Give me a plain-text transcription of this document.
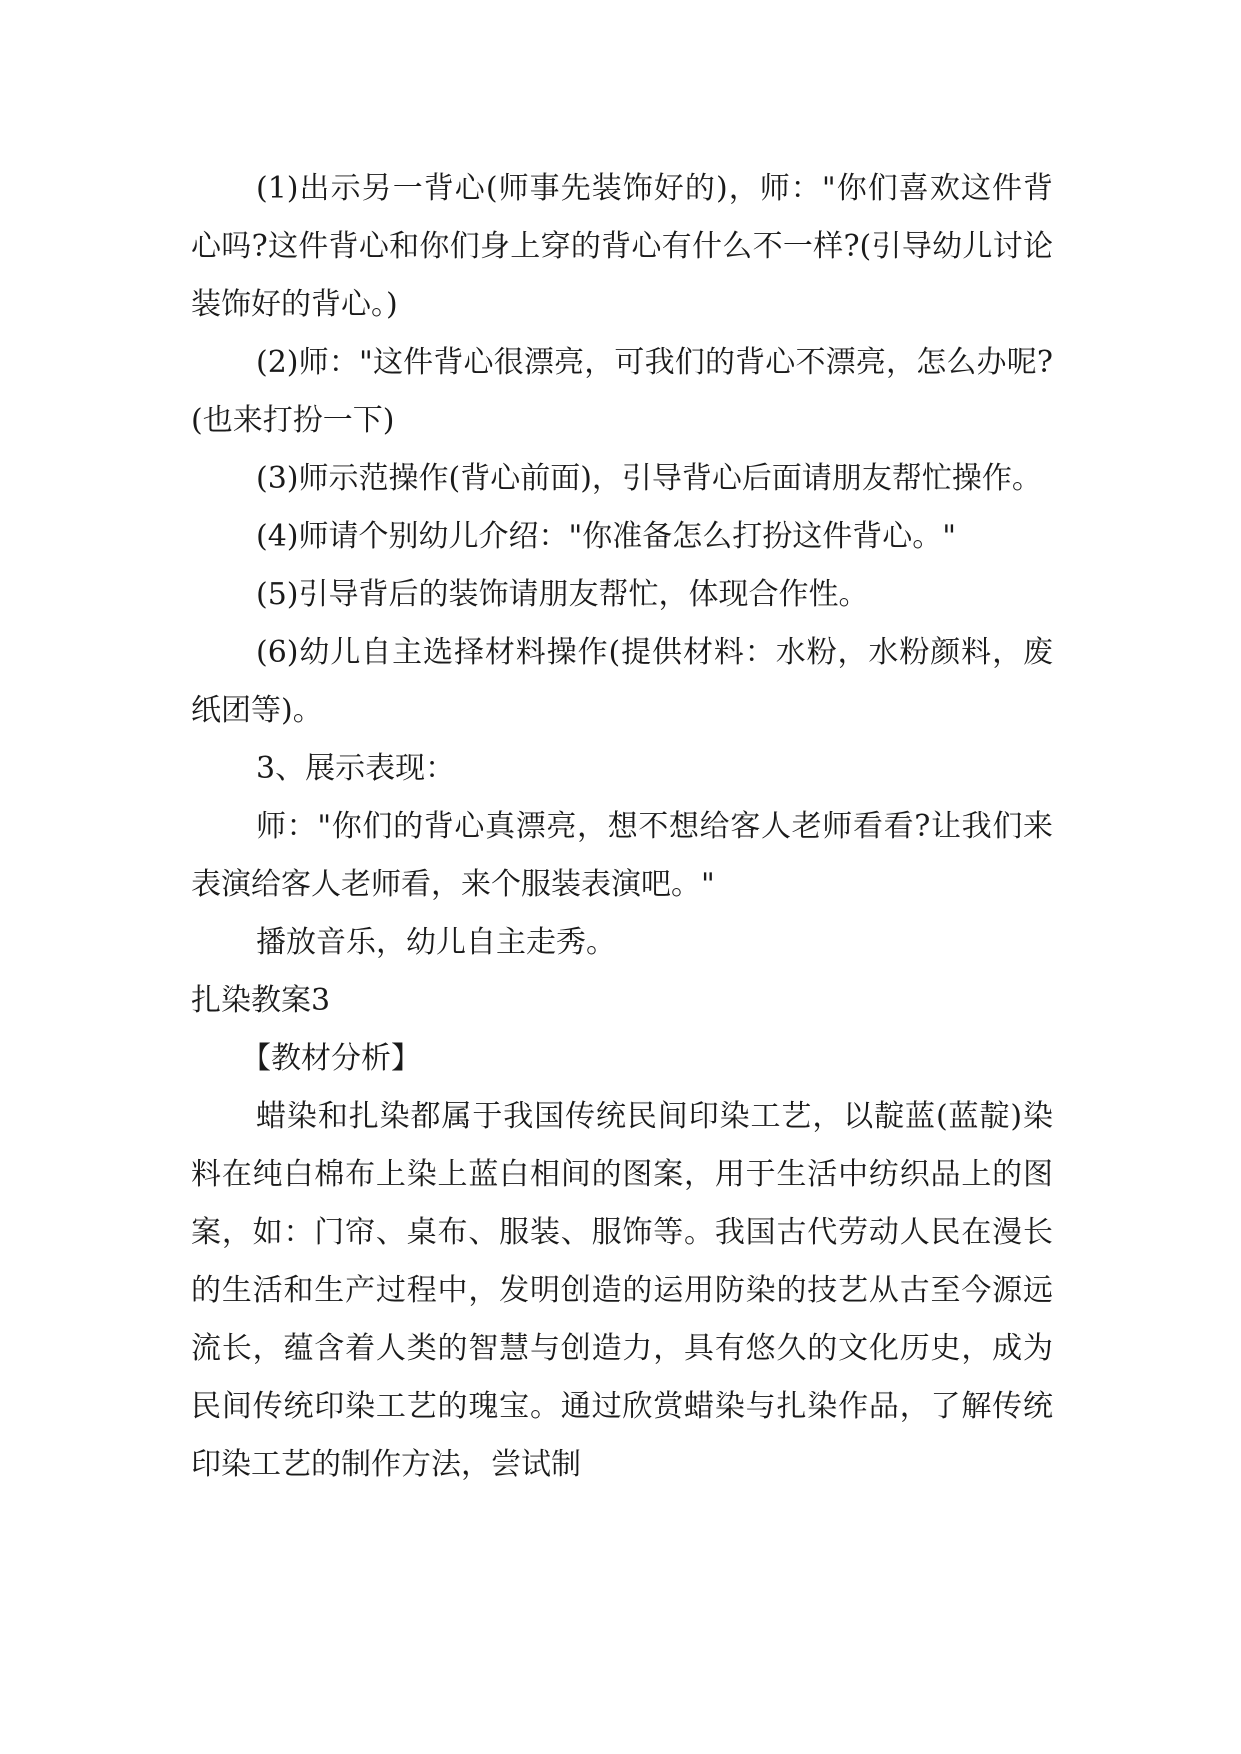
(1)出示另一背心(师事先装饰好的)，师："你们喜欢这件背心吗?这件背心和你们身上穿的背心有什么不一样?(引导幼儿讨论装饰好的背心。)

(2)师："这件背心很漂亮，可我们的背心不漂亮，怎么办呢?(也来打扮一下)

(3)师示范操作(背心前面)，引导背心后面请朋友帮忙操作。

(4)师请个别幼儿介绍："你准备怎么打扮这件背心。"

(5)引导背后的装饰请朋友帮忙，体现合作性。

(6)幼儿自主选择材料操作(提供材料：水粉，水粉颜料，废纸团等)。

3、展示表现：

师："你们的背心真漂亮，想不想给客人老师看看?让我们来表演给客人老师看，来个服装表演吧。"

播放音乐，幼儿自主走秀。

扎染教案3

【教材分析】

蜡染和扎染都属于我国传统民间印染工艺，以靛蓝(蓝靛)染料在纯白棉布上染上蓝白相间的图案，用于生活中纺织品上的图案，如：门帘、桌布、服装、服饰等。我国古代劳动人民在漫长的生活和生产过程中，发明创造的运用防染的技艺从古至今源远流长，蕴含着人类的智慧与创造力，具有悠久的文化历史，成为民间传统印染工艺的瑰宝。通过欣赏蜡染与扎染作品，了解传统印染工艺的制作方法，尝试制
